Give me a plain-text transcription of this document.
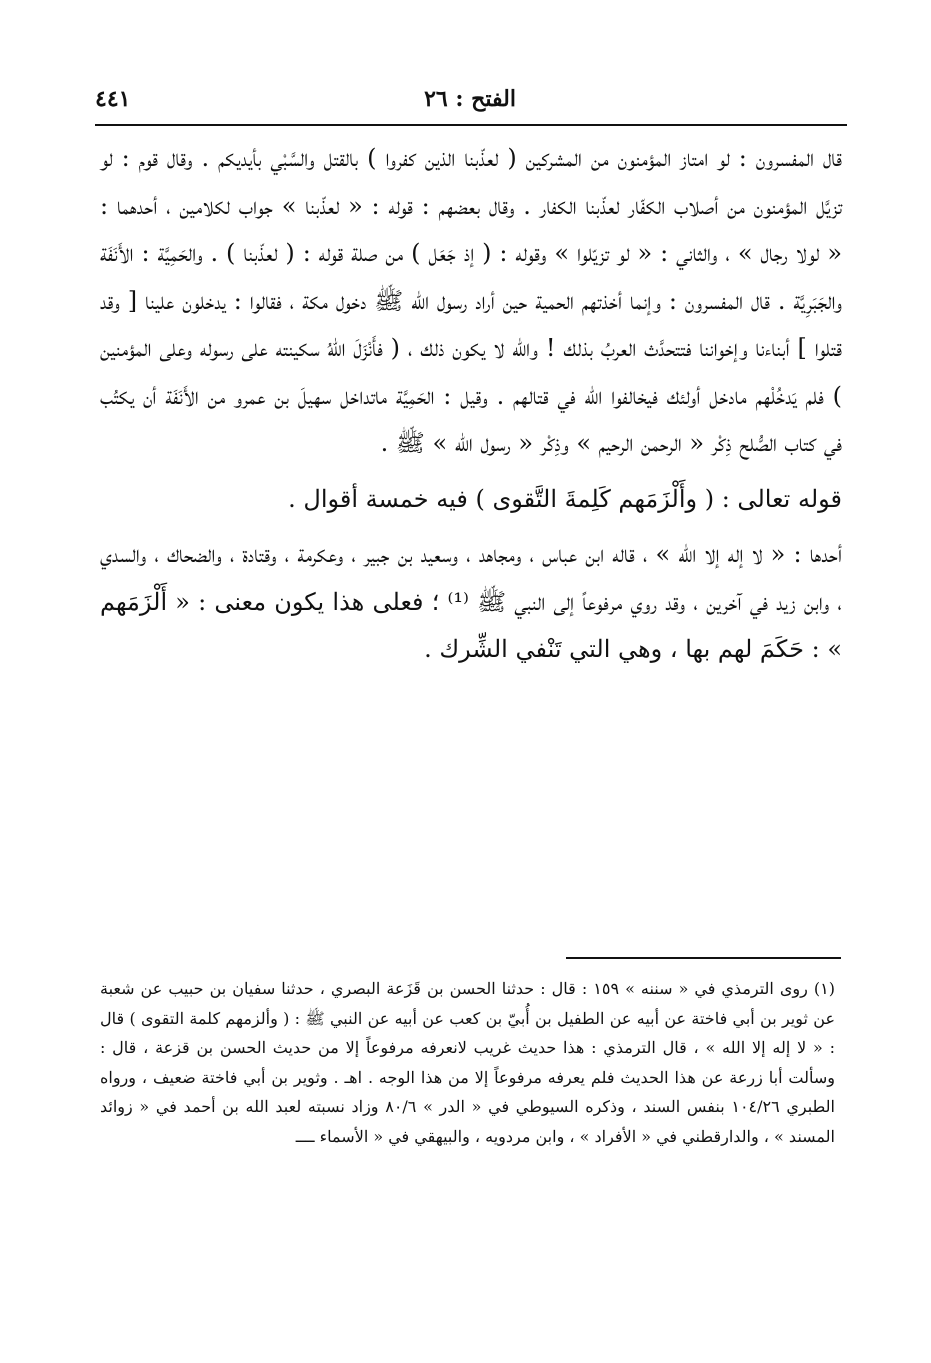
الفتح : ٢٦
٤٤١

قال المفسرون : لو امتاز المؤمنون من المشركين ( لعذّبنا الذين كفروا ) بالقتل والسَّبْي بأيديكم . وقال قوم : لو تزيَّل المؤمنون من أصلاب الكفّار لعذّبنا الكفار . وقال بعضهم : قوله : « لعذّبنا » جواب لكلامين ، أحدهما : « لولا رجال » ، والثاني : « لو تزيّلوا » وقوله : ( إذ جَعَل ) من صلة قوله : ( لعذّبنا ) . والحَمِيَّة : الأَنَفَة والجَبَرِيَّة . قال المفسرون : وإنما أخذتهم الحمية حين أراد رسول الله ﷺ دخول مكة ، فقالوا : يدخلون علينا [ وقد قتلوا ] أبناءنا وإخواننا فتتحدَّث العربُ بذلك ! والله لا يكون ذلك ، ( فأَنْزَلَ اللهُ سكينته على رسوله وعلى المؤمنين ) فلم يَدخُلْهم مادخل أولئك فيخالفوا الله في قتالهم . وقيل : الحَمِيَّة ماتداخل سهيلَ بن عمرو من الأَنَفَة أن يكتُب في كتاب الصُّلح ذِكْر « الرحمن الرحيم » وذِكْر « رسول الله » ﷺ .

قوله تعالى : ( وأَلْزَمَهم كَلِمةَ التَّقوى ) فيه خمسة أقوال .

أحدها : « لا إله إلا الله » ، قاله ابن عباس ، ومجاهد ، وسعيد بن جبير ، وعكرمة ، وقتادة ، والضحاك ، والسدي ، وابن زيد في آخرين ، وقد روي مرفوعاً إلى النبي ﷺ ⁽¹⁾ ؛ فعلى هذا يكون معنى : « أَلْزَمَهم » : حَكَمَ لهم بها ، وهي التي تَنْفي الشِّرك .

(١) روى الترمذي في « سننه » ١٥٩ : قال : حدثنا الحسن بن قَزَعة البصري ، حدثنا سفيان بن حبيب عن شعبة عن ثوير بن أبي فاختة عن أبيه عن الطفيل بن أُبيّ بن كعب عن أبيه عن النبي ﷺ : ( وألزمهم كلمة التقوى ) قال : « لا إله إلا الله » ، قال الترمذي : هذا حديث غريب لانعرفه مرفوعاً إلا من حديث الحسن بن قزعة ، قال : وسألت أبا زرعة عن هذا الحديث فلم يعرفه مرفوعاً إلا من هذا الوجه . اهـ . وثوير بن أبي فاختة ضعيف ، ورواه الطبري ١٠٤/٢٦ بنفس السند ، وذكره السيوطي في « الدر » ٨٠/٦ وزاد نسبته لعبد الله بن أحمد في « زوائد المسند » ، والدارقطني في « الأفراد » ، وابن مردويه ، والبيهقي في « الأسماء ــــ
